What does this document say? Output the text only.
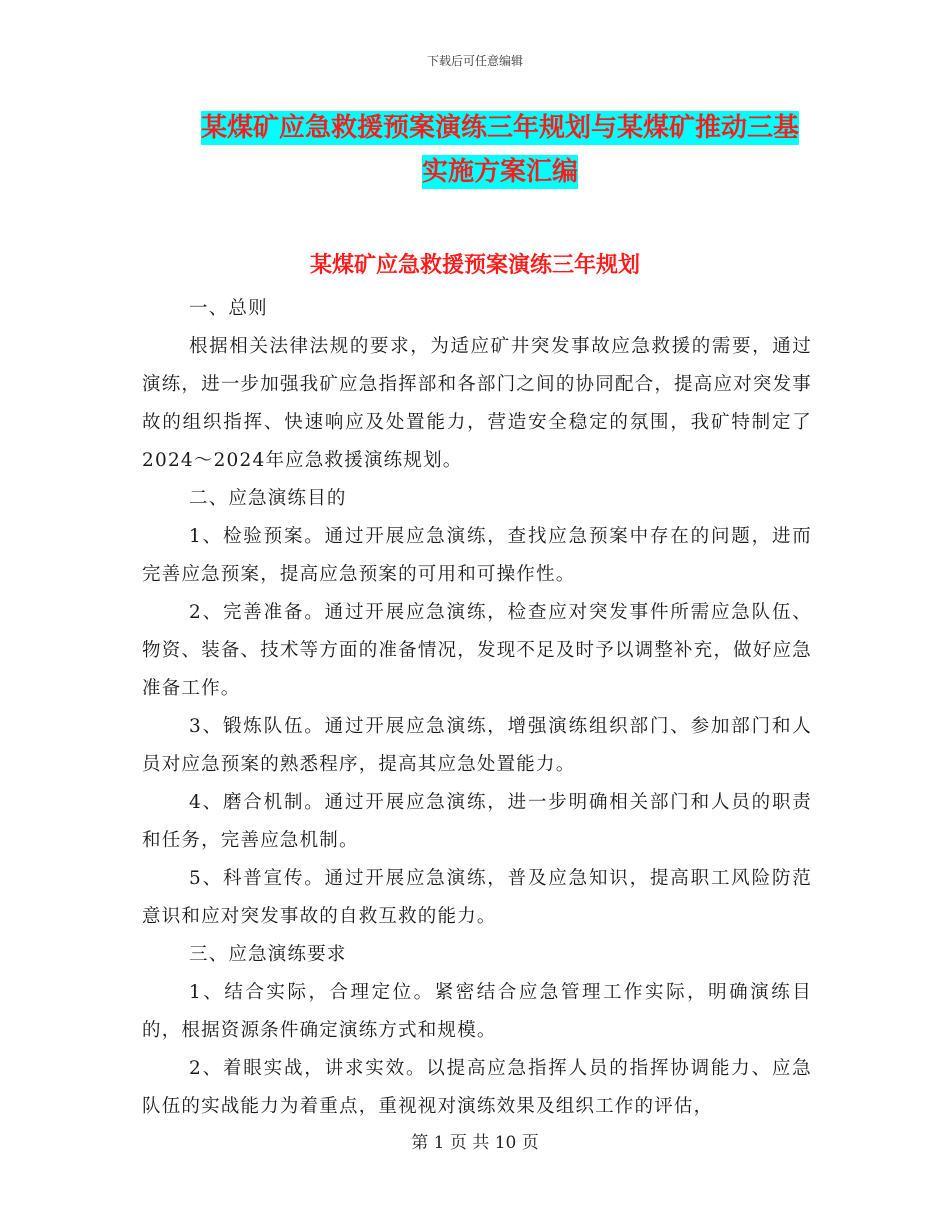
下载后可任意编辑
某煤矿应急救援预案演练三年规划与某煤矿推动三基
实施方案汇编
某煤矿应急救援预案演练三年规划

一、总则

根据相关法律法规的要求，为适应矿井突发事故应急救援的需要，通过演练，进一步加强我矿应急指挥部和各部门之间的协同配合，提高应对突发事故的组织指挥、快速响应及处置能力，营造安全稳定的氛围，我矿特制定了2024～2024年应急救援演练规划。

二、应急演练目的

1、检验预案。通过开展应急演练，查找应急预案中存在的问题，进而完善应急预案，提高应急预案的可用和可操作性。

2、完善准备。通过开展应急演练，检查应对突发事件所需应急队伍、物资、装备、技术等方面的准备情况，发现不足及时予以调整补充，做好应急准备工作。

3、锻炼队伍。通过开展应急演练，增强演练组织部门、参加部门和人员对应急预案的熟悉程序，提高其应急处置能力。

4、磨合机制。通过开展应急演练，进一步明确相关部门和人员的职责和任务，完善应急机制。

5、科普宣传。通过开展应急演练，普及应急知识，提高职工风险防范意识和应对突发事故的自救互救的能力。

三、应急演练要求

1、结合实际，合理定位。紧密结合应急管理工作实际，明确演练目的，根据资源条件确定演练方式和规模。

2、着眼实战，讲求实效。以提高应急指挥人员的指挥协调能力、应急队伍的实战能力为着重点，重视视对演练效果及组织工作的评估，

第 1 页 共 10 页
